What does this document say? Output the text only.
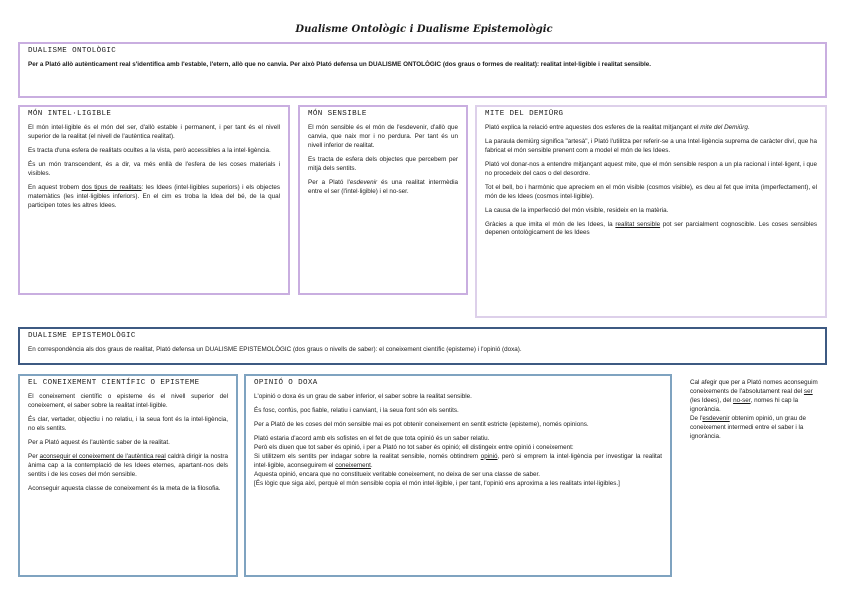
Dualisme Ontològic i Dualisme Epistemològic
DUALISME ONTOLÒGIC

Per a Plató allò autènticament real s'identifica amb l'estable, l'etern, allò que no canvia. Per això Plató defensa un DUALISME ONTOLÒGIC (dos graus o formes de realitat): realitat intel·ligible i realitat sensible.

MÓN INTEL·LIGIBLE

El món intel·ligible és el món del ser, d'allò estable i permanent, i per tant és el nivell superior de la realitat (el nivell de l'autèntica realitat).

Es tracta d'una esfera de realitats ocultes a la vista, però accessibles a la intel·ligència.

És un món transcendent, és a dir, va més enllà de l'esfera de les coses materials i visibles.

En aquest trobem dos tipus de realitats: les Idees (intel·ligibles superiors) i els objectes matemàtics (les intel·ligibles inferiors). En el cim es troba la Idea del bé, de la qual participen totes les altres Idees.

MÓN SENSIBLE

El món sensible és el món de l'esdevenir, d'allò que canvia, que naix mor i no perdura. Per tant és un nivell inferior de realitat.

Es tracta de esfera dels objectes que percebem per mitjà dels sentits.

Per a Plató l'esdevenir és una realitat intermèdia entre el ser (l'intel·ligible) i el no-ser.

MITE DEL DEMIÜRG

Plató explica la relació entre aquestes dos esferes de la realitat mitjançant el mite del Demiürg.

La paraula demiürg significa "artesà", i Plató l'utilitza per referir-se a una Intel·ligència suprema de caràcter diví, que ha fabricat el món sensible prenent com a model el món de les Idees.

Plató vol donar-nos a entendre mitjançant aquest mite, que el món sensible respon a un pla racional i intel·ligent, i que no procedeix del caos o del desordre.

Tot el bell, bo i harmònic que apreciem en el món visible (cosmos visible), es deu al fet que imita (imperfectament), el món de les Idees (cosmos intel·ligible).

La causa de la imperfecció del món visible, resideix en la matèria.

Gràcies a que imita el món de les Idees, la realitat sensible pot ser parcialment cognoscible. Les coses sensibles depenen ontològicament de les Idees

DUALISME EPISTEMOLÒGIC

En correspondència als dos graus de realitat, Plató defensa un DUALISME EPISTEMOLÒGIC (dos graus o nivells de saber): el coneixement científic (episteme) i l'opinió (doxa).

EL CONEIXEMENT CIENTÍFIC O EPISTEME

El coneixement científic o episteme és el nivell superior del coneixement, el saber sobre la realitat intel·ligible.

És clar, vertader, objectiu i no relatiu, i la seua font és la intel·ligència, no els sentits.

Per a Plató aquest és l'autèntic saber de la realitat.

Per aconseguir el coneixement de l'autèntica real caldrà dirigir la nostra ànima cap a la contemplació de les Idees eternes, apartant-nos dels sentits i de les coses del món sensible.

Aconseguir aquesta classe de coneixement és la meta de la filosofia.

OPINIÓ O DOXA

L'opinió o doxa és un grau de saber inferior, el saber sobre la realitat sensible.

És fosc, confús, poc fiable, relatiu i canviant, i la seua font són els sentits.

Per a Plató de les coses del món sensible mai es pot obtenir coneixement en sentit estricte (episteme), només opinions.

Plató estaria d'acord amb els sofistes en el fet de que tota opinió és un saber relatiu.

Però els diuen que tot saber és opinió, i per a Plató no tot saber és opinió; ell distingeix entre opinió i coneixement:

Si utilitzem els sentits per indagar sobre la realitat sensible, només obtindrem opinió, però si emprem la intel·ligència per investigar la realitat intel·ligible, aconseguirem el coneixement.

Aquesta opinió, encara que no constitueix veritable coneixement, no deixa de ser una classe de saber.

[És lògic que siga així, perquè el món sensible copia el món intel·ligible, i per tant, l'opinió ens aproxima a les realitats intel·ligibles.]

Cal afegir que per a Plató nomes aconseguim coneixements de l'absolutament real del ser (les Idees), del no-ser, nomes hi cap la ignorància.

De l'esdevenir obtenim opinió, un grau de coneixement intermedi entre el saber i la ignorància.
